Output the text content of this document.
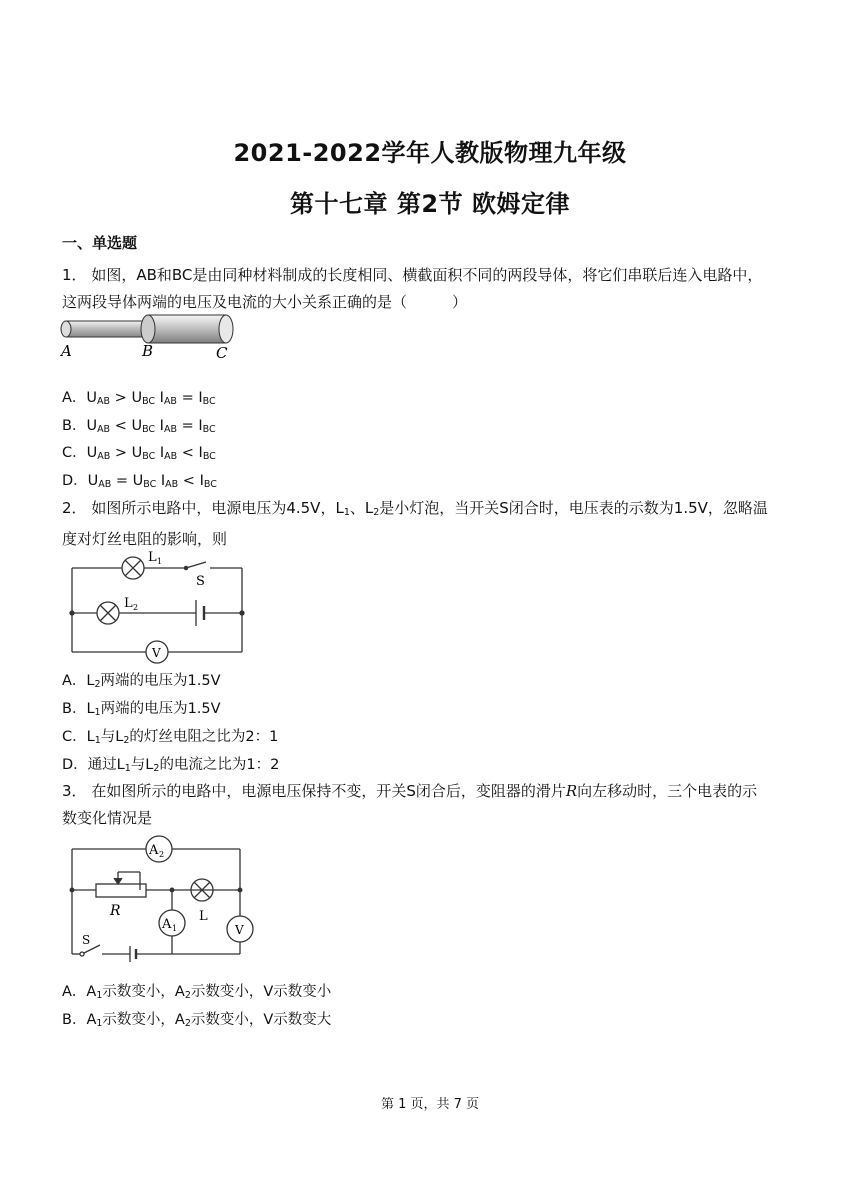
2021-2022学年人教版物理九年级
第十七章 第2节 欧姆定律
一、单选题
1． 如图，AB和BC是由同种材料制成的长度相同、横截面积不同的两段导体，将它们串联后连入电路中，
这两段导体两端的电压及电流的大小关系正确的是（　　　）
A	B	C
A．$U_{AB} > U_{BC}$ $I_{AB} = I_{BC}$
B．$U_{AB} < U_{BC}$ $I_{AB} = I_{BC}$
C．$U_{AB} > U_{BC}$ $I_{AB} < I_{BC}$
D．$U_{AB} = U_{BC}$ $I_{AB} < I_{BC}$
2． 如图所示电路中，电源电压为4.5V，$L_1$、$L_2$是小灯泡，当开关S闭合时，电压表的示数为1.5V，忽略温
度对灯丝电阻的影响，则
L 1
S
L 2
V
A．$L_2$两端的电压为1.5V
B．$L_1$两端的电压为1.5V
C．$L_1$与$L_2$的灯丝电阻之比为2：1
D．通过$L_1$与$L_2$的电流之比为1：2
3． 在如图所示的电路中，电源电压保持不变，开关S闭合后，变阻器的滑片R向左移动时，三个电表的示
数变化情况是
A 2
A 1
R	L
V
S
A．$A_1$示数变小，$A_2$示数变小，V示数变小
B．$A_1$示数变小，$A_2$示数变小，V示数变大
第 1 页，共 7 页
